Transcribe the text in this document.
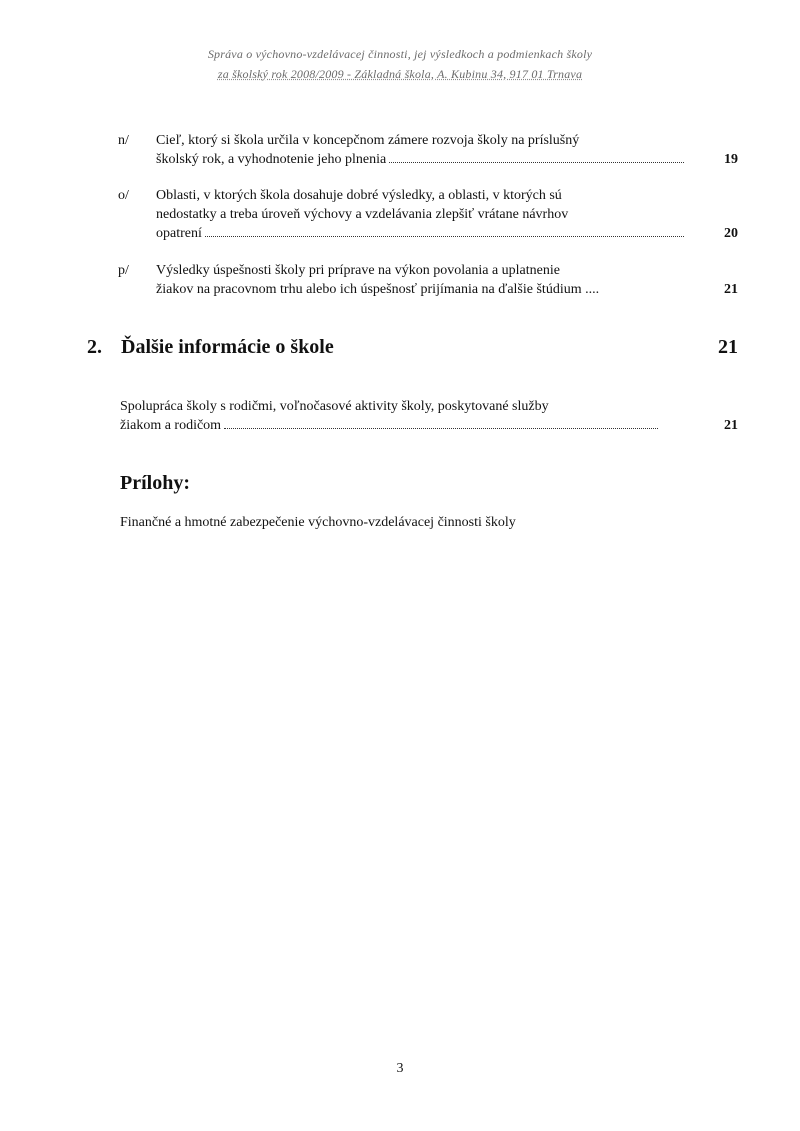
Správa o výchovno-vzdelávacej činnosti, jej výsledkoch a podmienkach školy
za školský rok 2008/2009 - Základná škola, A. Kubinu 34, 917 01 Trnava
n/	Cieľ, ktorý si škola určila v koncepčnom zámere rozvoja školy na príslušný
školský rok, a vyhodnotenie jeho plnenia	19
o/	Oblasti, v ktorých škola dosahuje dobré výsledky, a oblasti, v ktorých sú
nedostatky a treba úroveň výchovy a vzdelávania zlepšiť vrátane návrhov
opatrení	20
p/	Výsledky úspešnosti školy pri príprave na výkon povolania a uplatnenie
žiakov na pracovnom trhu alebo ich úspešnosť prijímania na ďalšie štúdium ....	21
2. Ďalšie informácie o škole	21
Spolupráca školy s rodičmi, voľnočasové aktivity školy, poskytované služby
žiakom a rodičom	21
Prílohy:
Finančné a hmotné zabezpečenie výchovno-vzdelávacej činnosti školy
3
